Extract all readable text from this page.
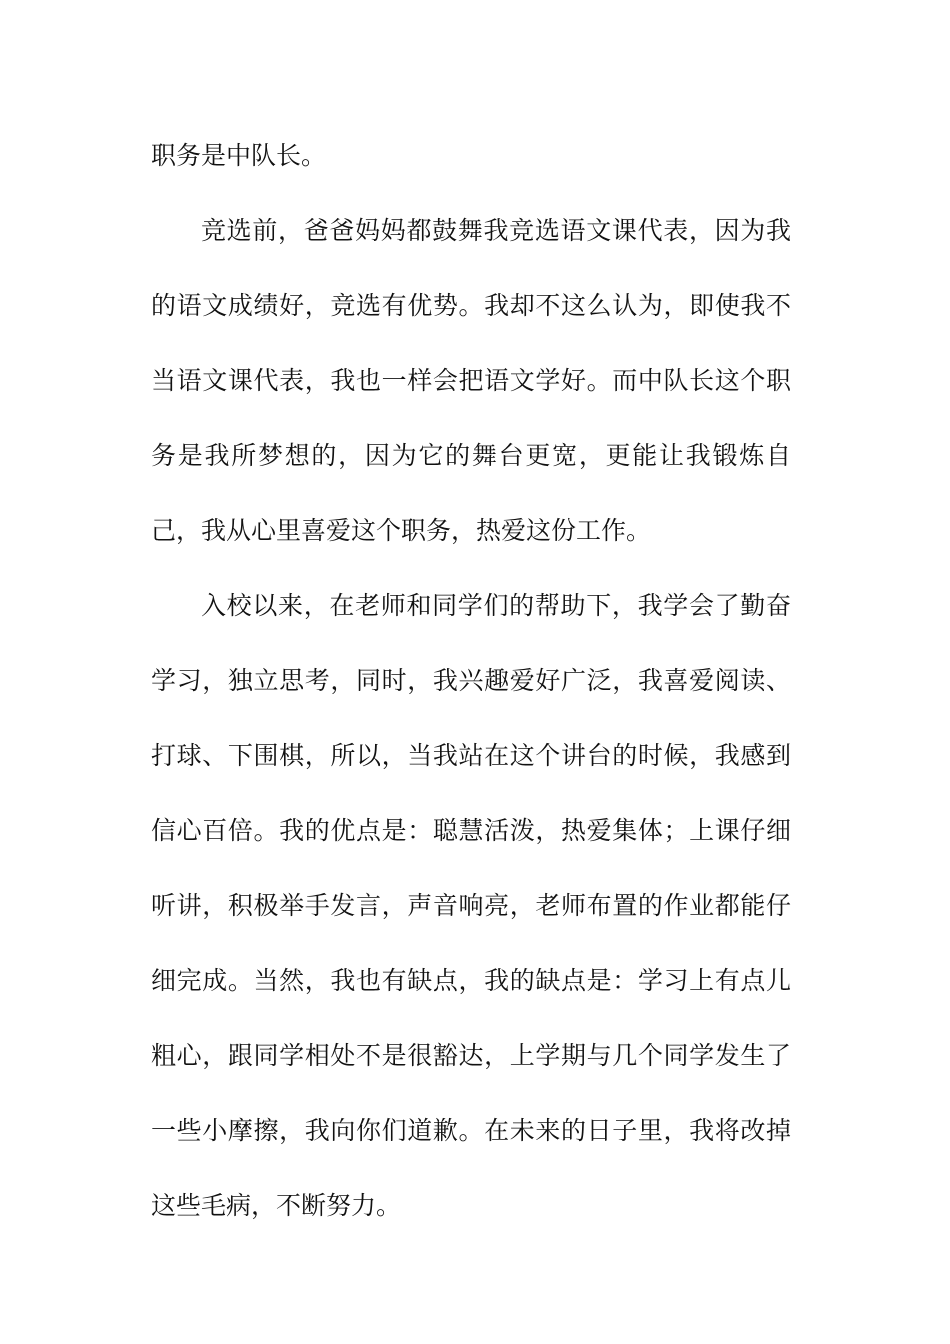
职务是中队长。
竞选前，爸爸妈妈都鼓舞我竞选语文课代表，因为我
的语文成绩好，竞选有优势。我却不这么认为，即使我不
当语文课代表，我也一样会把语文学好。而中队长这个职
务是我所梦想的，因为它的舞台更宽，更能让我锻炼自
己，我从心里喜爱这个职务，热爱这份工作。
入校以来，在老师和同学们的帮助下，我学会了勤奋
学习，独立思考，同时，我兴趣爱好广泛，我喜爱阅读、
打球、下围棋，所以，当我站在这个讲台的时候，我感到
信心百倍。我的优点是：聪慧活泼，热爱集体；上课仔细
听讲，积极举手发言，声音响亮，老师布置的作业都能仔
细完成。当然，我也有缺点，我的缺点是：学习上有点儿
粗心，跟同学相处不是很豁达，上学期与几个同学发生了
一些小摩擦，我向你们道歉。在未来的日子里，我将改掉
这些毛病，不断努力。
